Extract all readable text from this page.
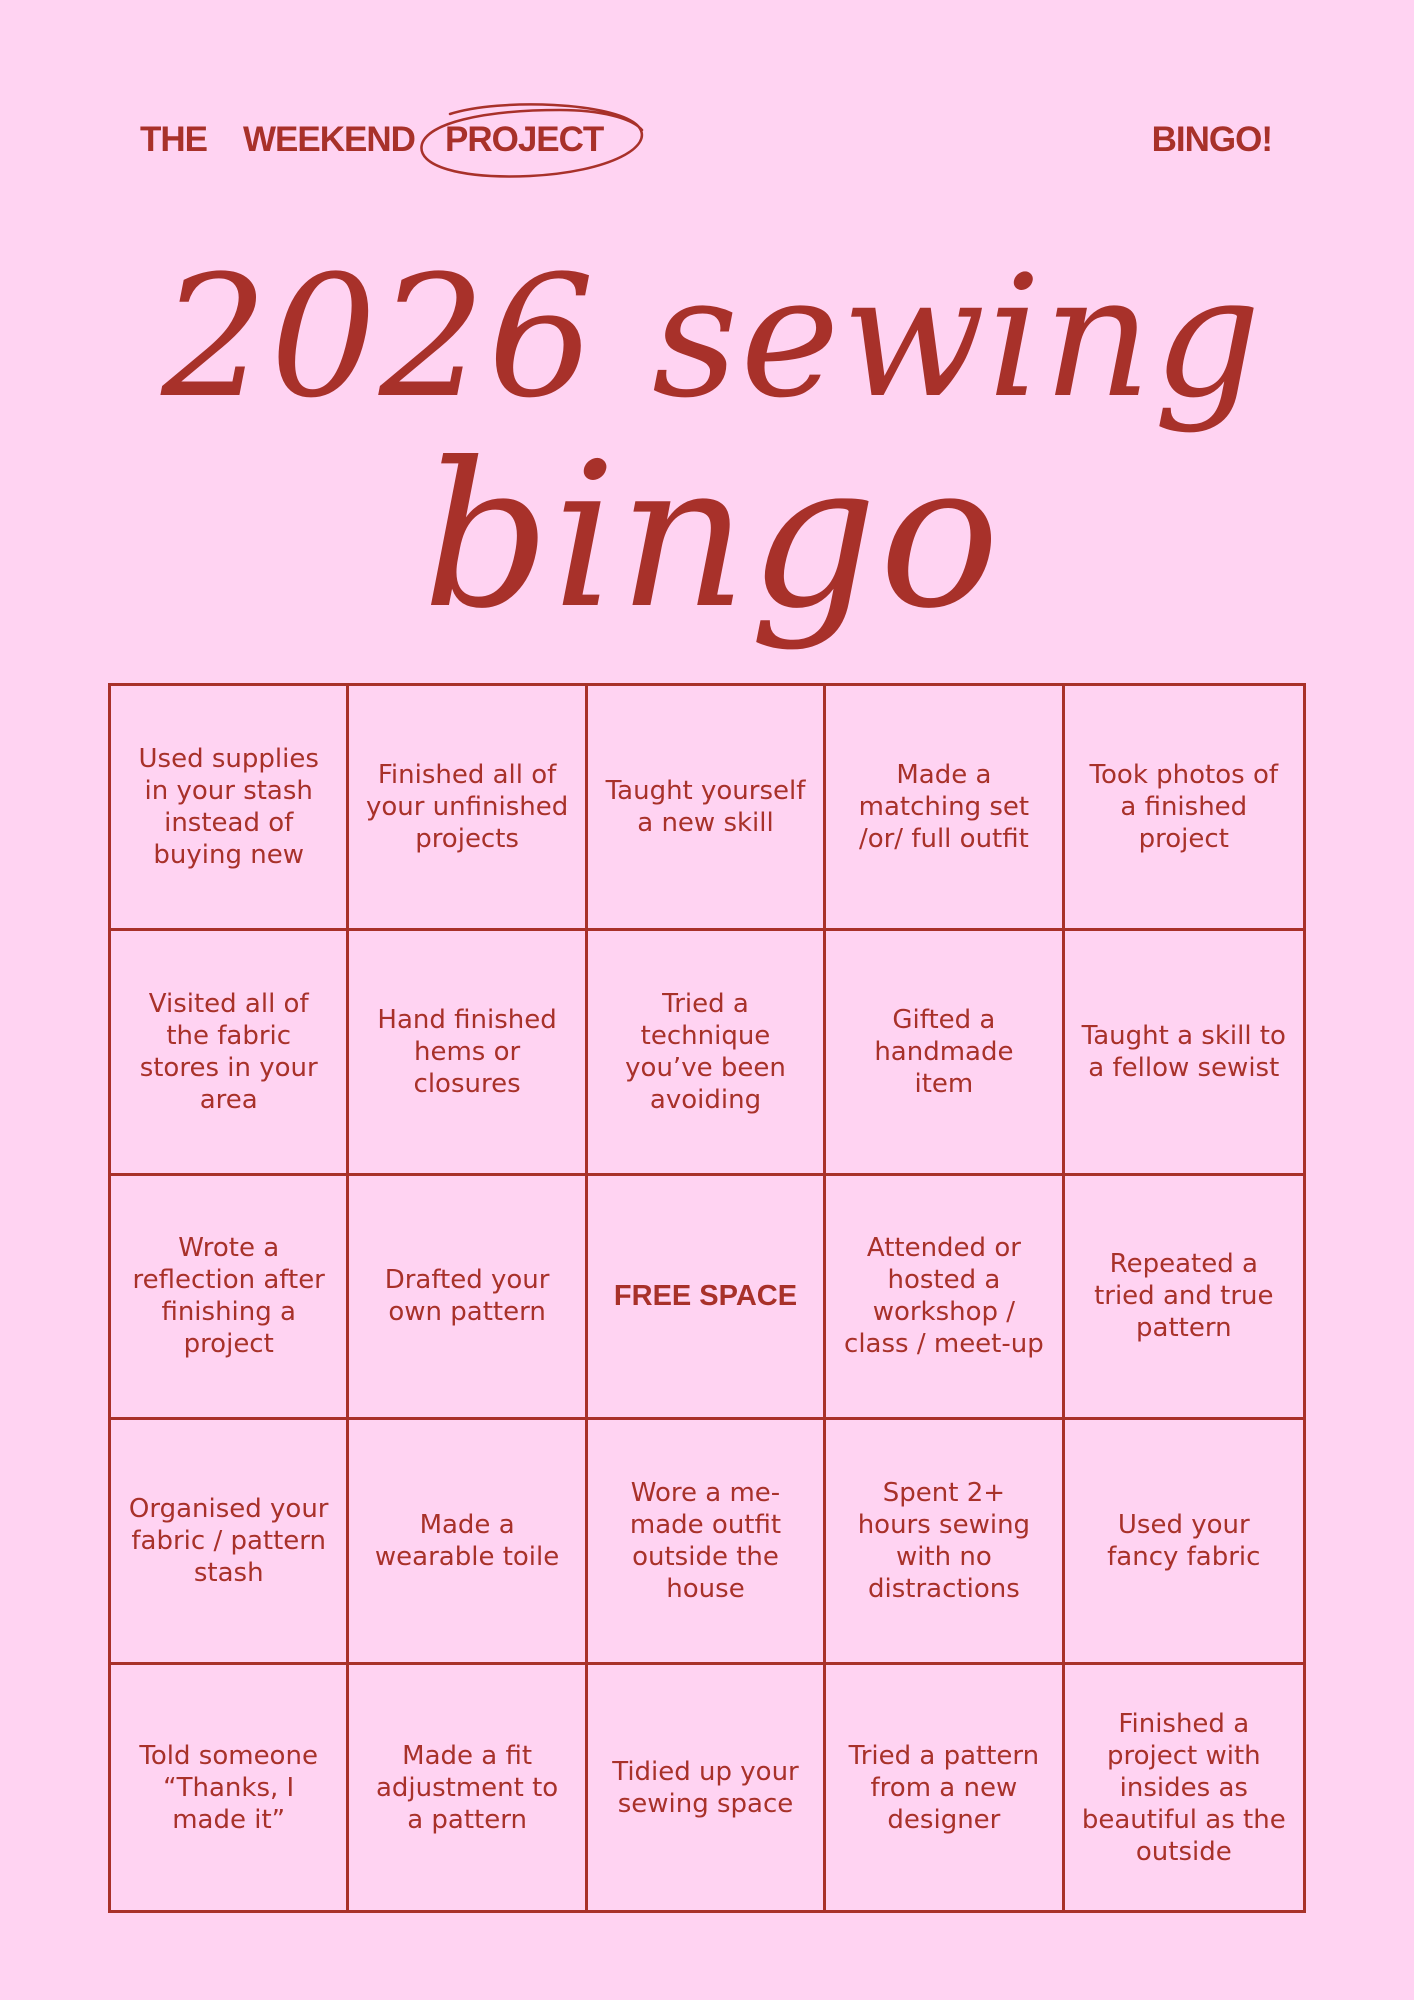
THE WEEKEND PROJECT	BINGO!
2026 sewing
bingo
Used supplies in your stash instead of buying new
Finished all of your unfinished projects
Taught yourself a new skill
Made a matching set /or/ full outfit
Took photos of a finished project
Visited all of the fabric stores in your area
Hand finished hems or closures
Tried a technique you’ve been avoiding
Gifted a handmade item
Taught a skill to a fellow sewist
Wrote a reflection after finishing a project
Drafted your own pattern	FREE SPACE
Attended or hosted a workshop / class / meet-up
Repeated a tried and true pattern
Organised your fabric / pattern stash
Made a wearable toile
Wore a me-made outfit outside the house
Spent 2+ hours sewing with no distractions
Used your fancy fabric
Told someone “Thanks, I made it”
Made a fit adjustment to a pattern
Tidied up your sewing space
Tried a pattern from a new designer
Finished a project with insides as beautiful as the outside
